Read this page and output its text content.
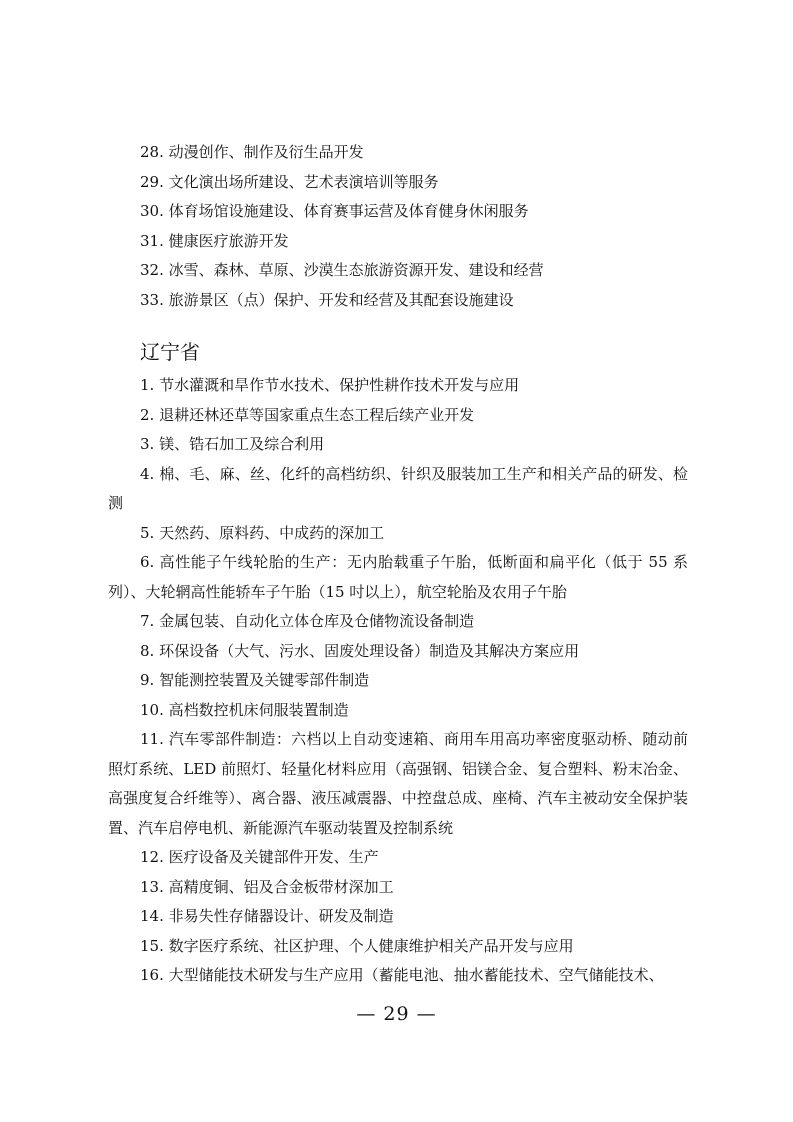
28. 动漫创作、制作及衍生品开发
29. 文化演出场所建设、艺术表演培训等服务
30. 体育场馆设施建设、体育赛事运营及体育健身休闲服务
31. 健康医疗旅游开发
32. 冰雪、森林、草原、沙漠生态旅游资源开发、建设和经营
33. 旅游景区（点）保护、开发和经营及其配套设施建设
辽宁省
1. 节水灌溉和旱作节水技术、保护性耕作技术开发与应用
2. 退耕还林还草等国家重点生态工程后续产业开发
3. 镁、锆石加工及综合利用
4. 棉、毛、麻、丝、化纤的高档纺织、针织及服装加工生产和相关产品的研发、检测
5. 天然药、原料药、中成药的深加工
6. 高性能子午线轮胎的生产：无内胎载重子午胎，低断面和扁平化（低于 55 系列）、大轮辋高性能轿车子午胎（15 吋以上），航空轮胎及农用子午胎
7. 金属包装、自动化立体仓库及仓储物流设备制造
8. 环保设备（大气、污水、固废处理设备）制造及其解决方案应用
9. 智能测控装置及关键零部件制造
10. 高档数控机床伺服装置制造
11. 汽车零部件制造：六档以上自动变速箱、商用车用高功率密度驱动桥、随动前照灯系统、LED 前照灯、轻量化材料应用（高强钢、铝镁合金、复合塑料、粉末冶金、高强度复合纤维等）、离合器、液压减震器、中控盘总成、座椅、汽车主被动安全保护装置、汽车启停电机、新能源汽车驱动装置及控制系统
12. 医疗设备及关键部件开发、生产
13. 高精度铜、铝及合金板带材深加工
14. 非易失性存储器设计、研发及制造
15. 数字医疗系统、社区护理、个人健康维护相关产品开发与应用
16. 大型储能技术研发与生产应用（蓄能电池、抽水蓄能技术、空气储能技术、
— 29 —
